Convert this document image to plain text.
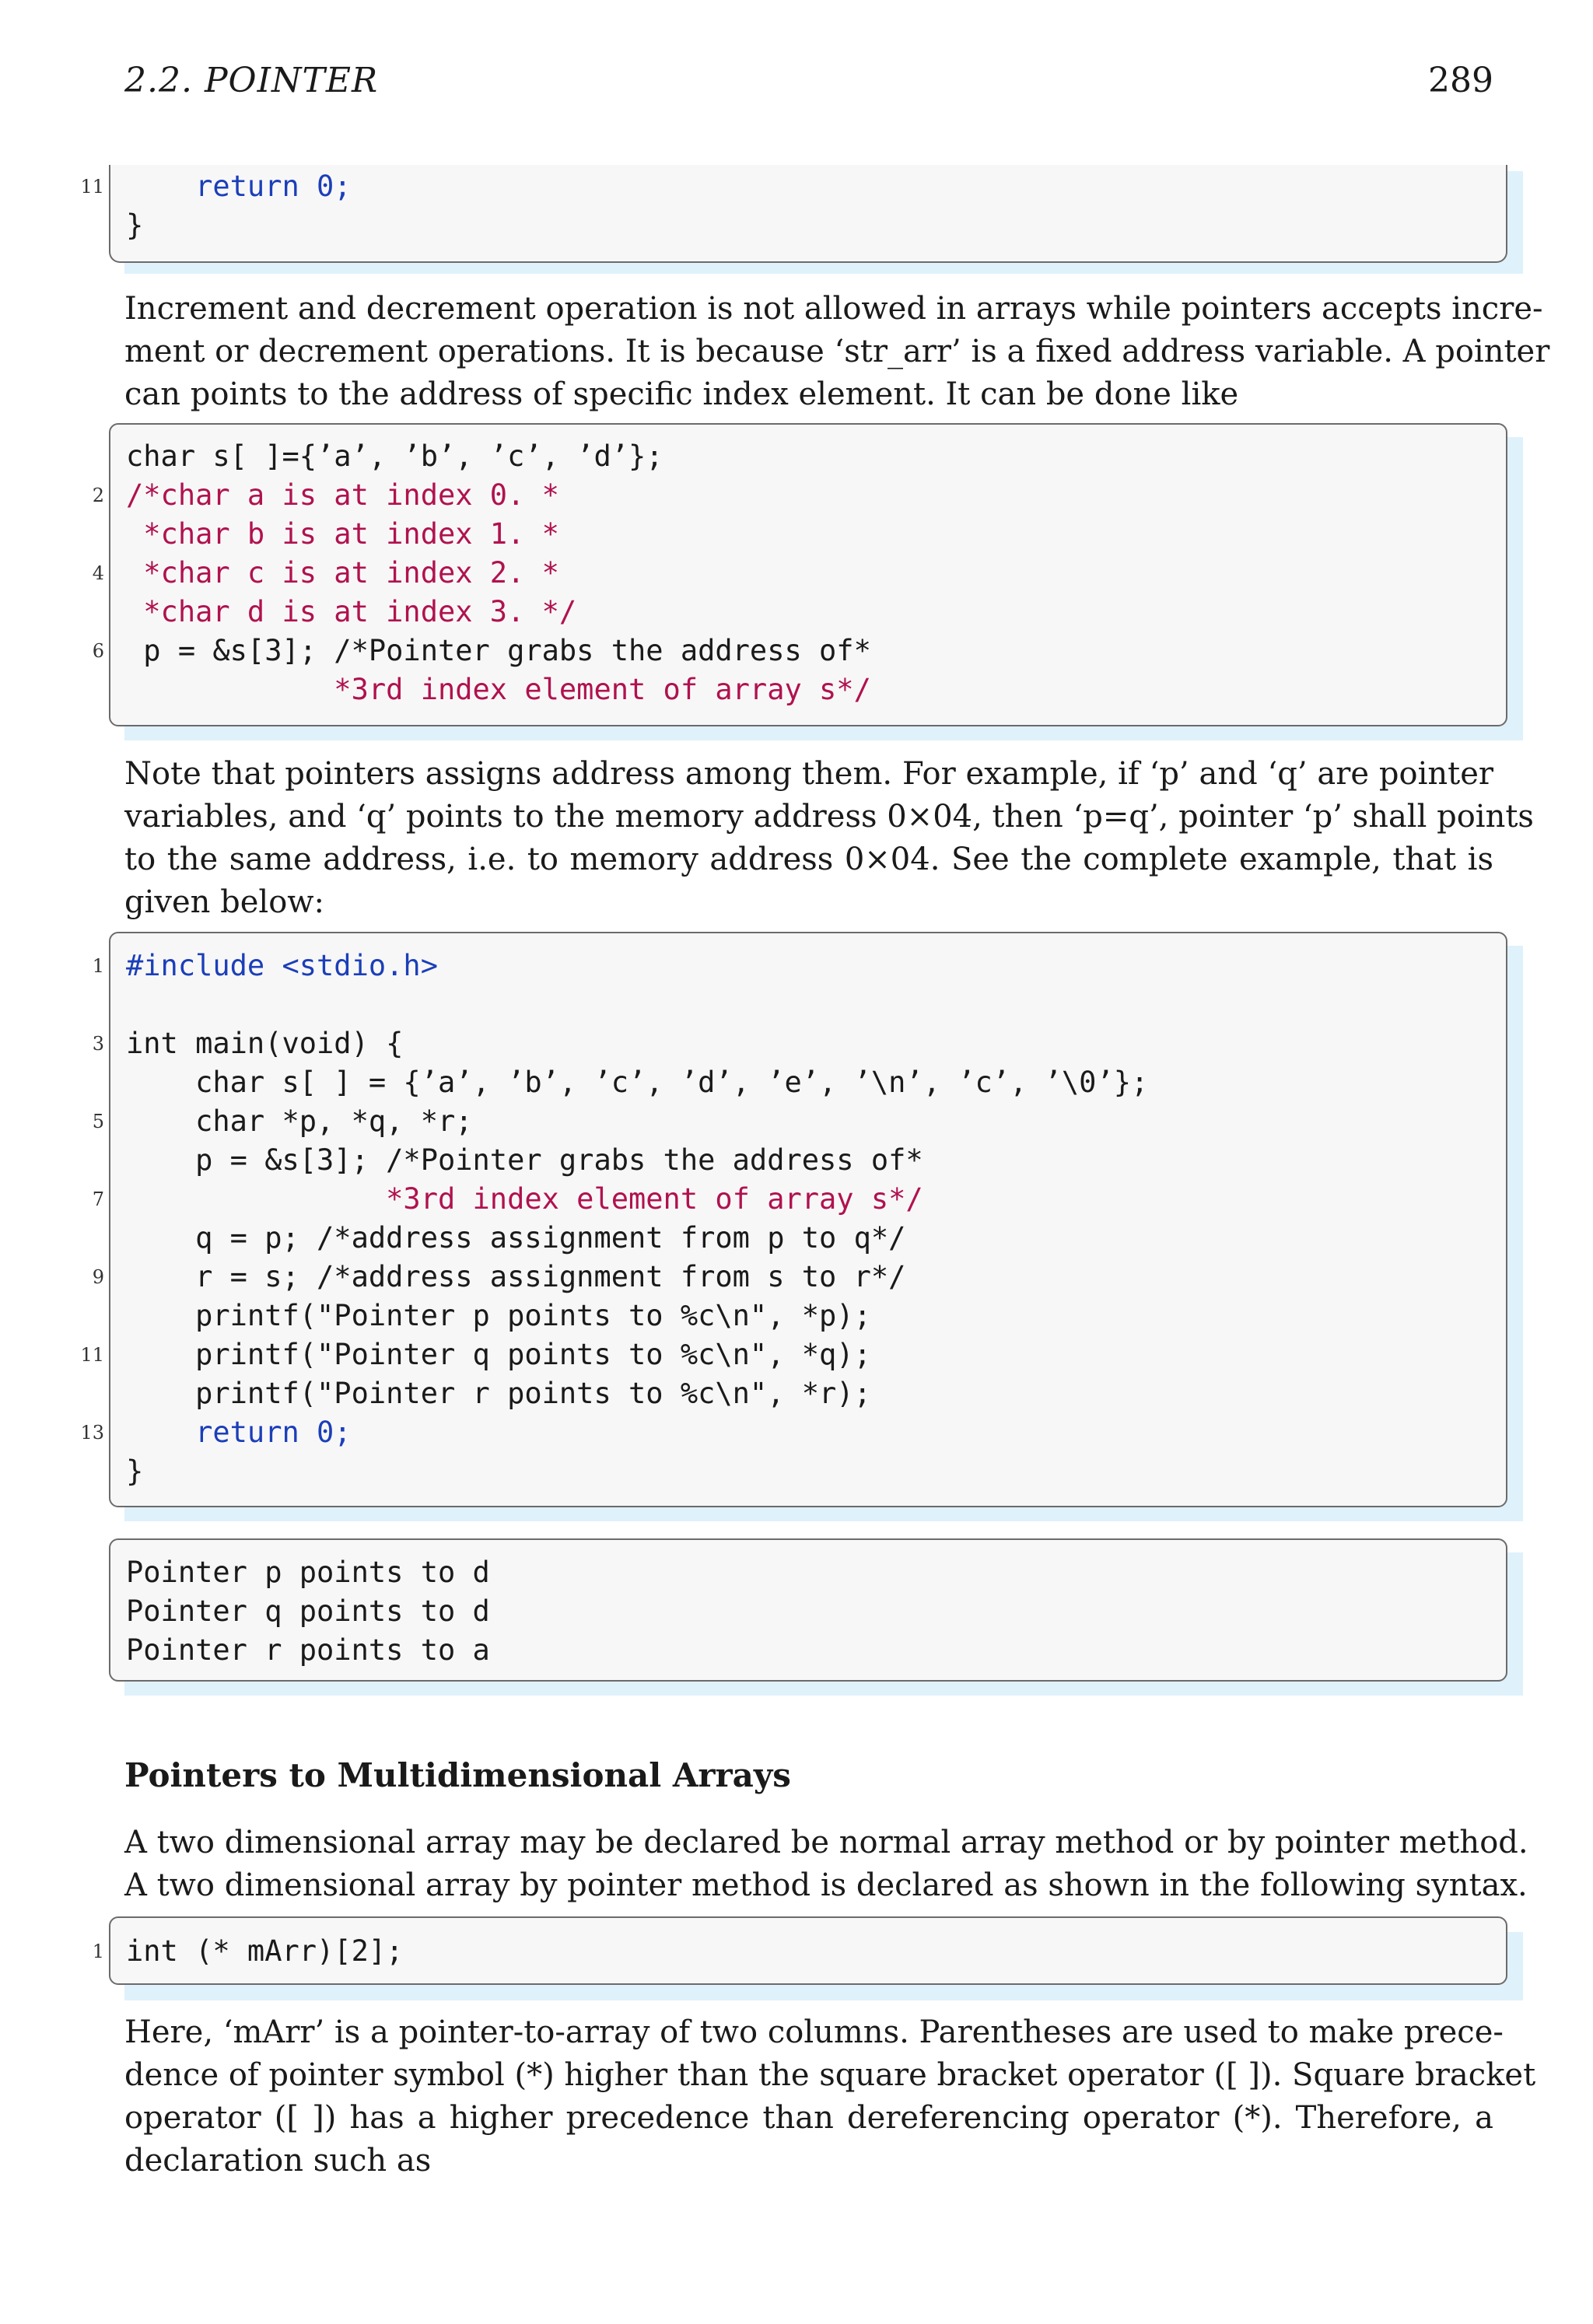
2.2. POINTER	289
11 return 0;
}
Increment and decrement operation is not allowed in arrays while pointers accepts incre-
ment or decrement operations. It is because ‘str_arr’ is a fixed address variable. A pointer
can points to the address of specific index element. It can be done like

2

4

6

char s[ ]={’a’, ’b’, ’c’, ’d’};
/*char a is at index 0. *
*char b is at index 1. *
*char c is at index 2. *
*char d is at index 3. */
p = &s[3]; /*Pointer grabs the address of*
*3rd index element of array s*/
Note that pointers assigns address among them. For example, if ‘p’ and ‘q’ are pointer
variables, and ‘q’ points to the memory address 0×04, then ‘p=q’, pointer ‘p’ shall points
to the same address, i.e. to memory address 0×04. See the complete example, that is
given below:
1

3

5

7

9

11

13

#include <stdio.h>

int main(void) {
char s[ ] = {’a’, ’b’, ’c’, ’d’, ’e’, ’\n’, ’c’, ’\0’};
char *p, *q, *r;
p = &s[3]; /*Pointer grabs the address of*
*3rd index element of array s*/
q = p; /*address assignment from p to q*/
r = s; /*address assignment from s to r*/
printf("Pointer p points to %c\n", *p);
printf("Pointer q points to %c\n", *q);
printf("Pointer r points to %c\n", *r);
return 0;
}
Pointer p points to d
Pointer q points to d
Pointer r points to a
Pointers to Multidimensional Arrays
A two dimensional array may be declared be normal array method or by pointer method.
A two dimensional array by pointer method is declared as shown in the following syntax.
1 int (* mArr)[2];
Here, ‘mArr’ is a pointer-to-array of two columns. Parentheses are used to make prece-
dence of pointer symbol (*) higher than the square bracket operator ([ ]). Square bracket
operator ([ ]) has a higher precedence than dereferencing operator (*). Therefore, a
declaration such as
